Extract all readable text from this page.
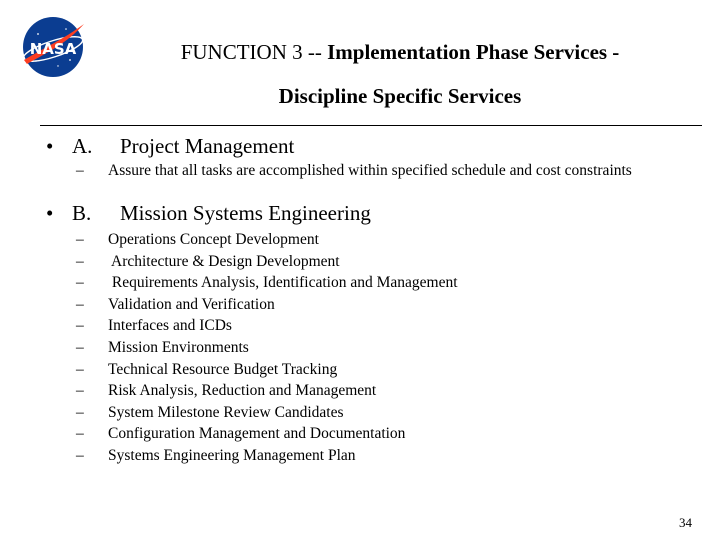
NASA	FUNCTION 3 -- Implementation Phase Services -
Discipline Specific Services
• A. Project Management
– Assure that all tasks are accomplished within specified schedule and cost constraints
• B. Mission Systems Engineering
– Operations Concept Development
– Architecture & Design Development
– Requirements Analysis, Identification and Management
– Validation and Verification
– Interfaces and ICDs
– Mission Environments
– Technical Resource Budget Tracking
– Risk Analysis, Reduction and Management
– System Milestone Review Candidates
– Configuration Management and Documentation
– Systems Engineering Management Plan
34
